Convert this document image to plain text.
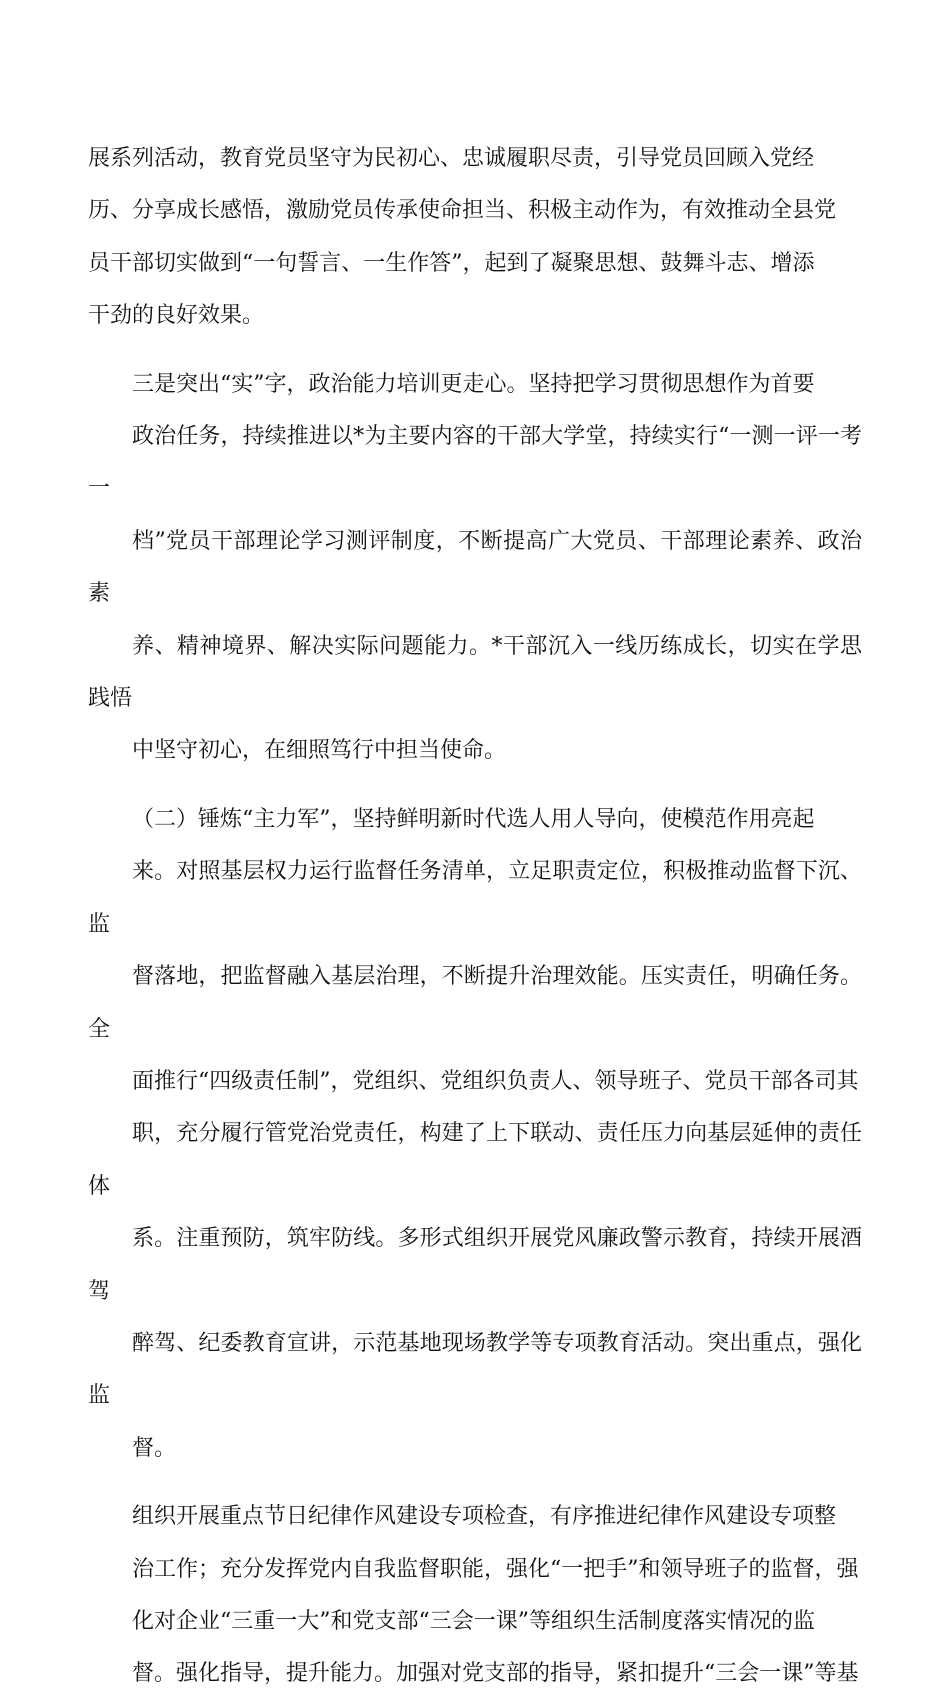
展系列活动，教育党员坚守为民初心、忠诚履职尽责，引导党员回顾入党经
历、分享成长感悟，激励党员传承使命担当、积极主动作为，有效推动全县党
员干部切实做到“一句誓言、一生作答”，起到了凝聚思想、鼓舞斗志、增添
干劲的良好效果。

三是突出“实”字，政治能力培训更走心。坚持把学习贯彻思想作为首要
政治任务，持续推进以*为主要内容的干部大学堂，持续实行“一测一评一考一
档”党员干部理论学习测评制度，不断提高广大党员、干部理论素养、政治素
养、精神境界、解决实际问题能力。*干部沉入一线历练成长，切实在学思践悟
中坚守初心，在细照笃行中担当使命。

（二）锤炼“主力军”，坚持鲜明新时代选人用人导向，使模范作用亮起
来。对照基层权力运行监督任务清单，立足职责定位，积极推动监督下沉、监
督落地，把监督融入基层治理，不断提升治理效能。压实责任，明确任务。全
面推行“四级责任制”，党组织、党组织负责人、领导班子、党员干部各司其
职，充分履行管党治党责任，构建了上下联动、责任压力向基层延伸的责任体
系。注重预防，筑牢防线。多形式组织开展党风廉政警示教育，持续开展酒驾
醉驾、纪委教育宣讲，示范基地现场教学等专项教育活动。突出重点，强化监
督。

组织开展重点节日纪律作风建设专项检查，有序推进纪律作风建设专项整
治工作；充分发挥党内自我监督职能，强化“一把手”和领导班子的监督，强
化对企业“三重一大”和党支部“三会一课”等组织生活制度落实情况的监
督。强化指导，提升能力。加强对党支部的指导，紧扣提升“三会一课”等基
